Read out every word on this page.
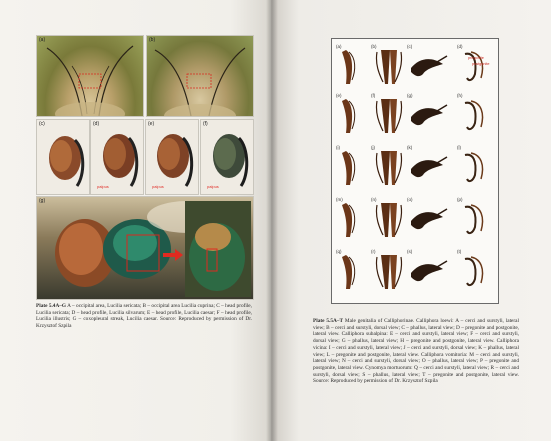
(a)	(b)
(c)	(d)
palpus
(e)
palpus
(f)
palpus
(g)
Plate 5.4A–G A – occipital area, Lucilia sericata; B – occipital area Lucilia cuprina; C – head profile, Lucilia sericata; D – head profile, Lucilia silvarum; E – head profile, Lucilia caesar; F – head profile, Lucilia illustris; G – coxopleural streak, Lucilia caesar. Source: Reproduced by permission of Dr. Krzysztof Szpila
(a)	(b)	(c)	(d)
(e)	(f)	(g)	(h)
(i)	(j)	(k)	(l)
(m)	(n)	(o)	(p)
(q)	(r)	(s)	(t)
pregonite
postgonite
Plate 5.5A–T Male genitalia of Calliphorinae. Calliphora loewi: A – cerci and surstyli, lateral view; B – cerci and surstyli, dorsal view; C – phallus, lateral view; D – pregonite and postgonite, lateral view. Calliphora subalpina: E – cerci and surstyli, lateral view; F – cerci and surstyli, dorsal view; G – phallus, lateral view; H – pregonite and postgonite, lateral view. Calliphora vicina: I – cerci and surstyli, lateral view; J – cerci and surstyli, dorsal view; K – phallus, lateral view; L – pregonite and postgonite, lateral view. Calliphora vomitoria: M – cerci and surstyli, lateral view; N – cerci and surstyli, dorsal view; O – phallus, lateral view; P – pregonite and postgonite, lateral view. Cynomya mortuorum: Q – cerci and surstyli, lateral view; R – cerci and surstyli, dorsal view; S – phallus, lateral view; T – pregonite and postgonite, lateral view. Source: Reproduced by permission of Dr. Krzysztof Szpila
